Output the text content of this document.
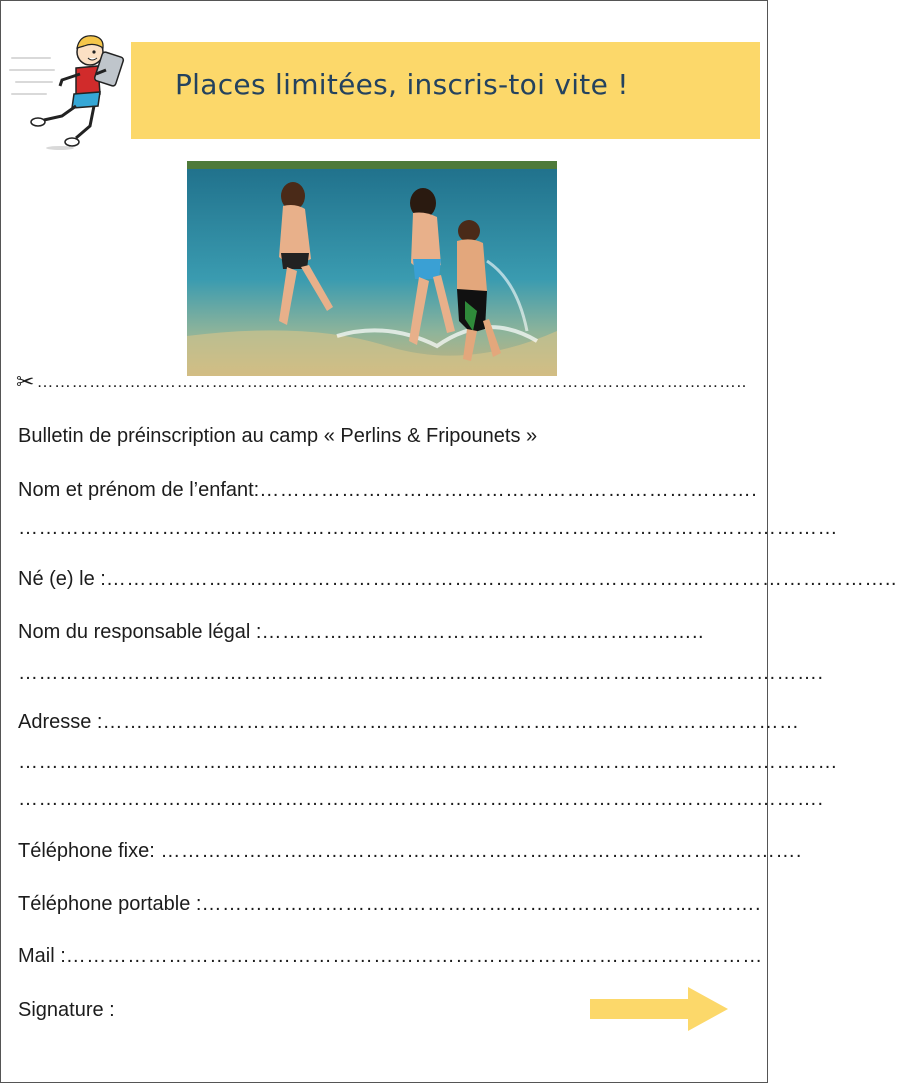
Places limitées, inscris-toi vite !
✂ …………………………………………………………………………………………………………..
Bulletin de préinscription au camp « Perlins & Fripounets »
Nom et prénom de l’enfant:……………………………………………………………….
…………………………………………………………………………………………………………
Né (e) le :……………………………………………………………………………………………………..
Nom du responsable légal :………………………………………………………..
……………………………………………………………………………………………………….
Adresse :…………………………………………………………………………………………
…………………………………………………………………………………………………………
……………………………………………………………………………………………………….
Téléphone fixe: ………………………………………………………………………………….
Téléphone portable :……………………………………………………………………….
Mail :…………………………………………………………………………………………
Signature :
